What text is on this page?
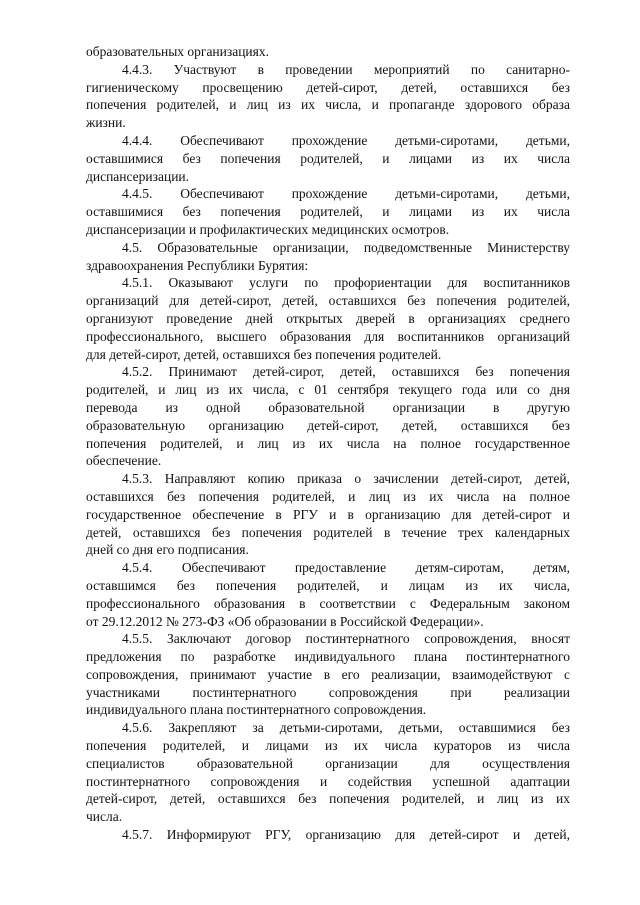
образовательных организациях.
4.4.3. Участвуют в проведении мероприятий по санитарно-
гигиеническому просвещению детей-сирот, детей, оставшихся без
попечения родителей, и лиц из их числа, и пропаганде здорового образа
жизни.
4.4.4. Обеспечивают прохождение детьми-сиротами, детьми,
оставшимися без попечения родителей, и лицами из их числа
диспансеризации.
4.4.5. Обеспечивают прохождение детьми-сиротами, детьми,
оставшимися без попечения родителей, и лицами из их числа
диспансеризации и профилактических медицинских осмотров.
4.5. Образовательные организации, подведомственные Министерству
здравоохранения Республики Бурятия:
4.5.1. Оказывают услуги по профориентации для воспитанников
организаций для детей-сирот, детей, оставшихся без попечения родителей,
организуют проведение дней открытых дверей в организациях среднего
профессионального, высшего образования для воспитанников организаций
для детей-сирот, детей, оставшихся без попечения родителей.
4.5.2. Принимают детей-сирот, детей, оставшихся без попечения
родителей, и лиц из их числа, с 01 сентября текущего года или со дня
перевода из одной образовательной организации в другую
образовательную организацию детей-сирот, детей, оставшихся без
попечения родителей, и лиц из их числа на полное государственное
обеспечение.
4.5.3. Направляют копию приказа о зачислении детей-сирот, детей,
оставшихся без попечения родителей, и лиц из их числа на полное
государственное обеспечение в РГУ и в организацию для детей-сирот и
детей, оставшихся без попечения родителей в течение трех календарных
дней со дня его подписания.
4.5.4. Обеспечивают предоставление детям-сиротам, детям,
оставшимся без попечения родителей, и лицам из их числа,
профессионального образования в соответствии с Федеральным законом
от 29.12.2012 № 273-ФЗ «Об образовании в Российской Федерации».
4.5.5. Заключают договор постинтернатного сопровождения, вносят
предложения по разработке индивидуального плана постинтернатного
сопровождения, принимают участие в его реализации, взаимодействуют с
участниками постинтернатного сопровождения при реализации
индивидуального плана постинтернатного сопровождения.
4.5.6. Закрепляют за детьми-сиротами, детьми, оставшимися без
попечения родителей, и лицами из их числа кураторов из числа
специалистов образовательной организации для осуществления
постинтернатного сопровождения и содействия успешной адаптации
детей-сирот, детей, оставшихся без попечения родителей, и лиц из их
числа.
4.5.7. Информируют РГУ, организацию для детей-сирот и детей,
